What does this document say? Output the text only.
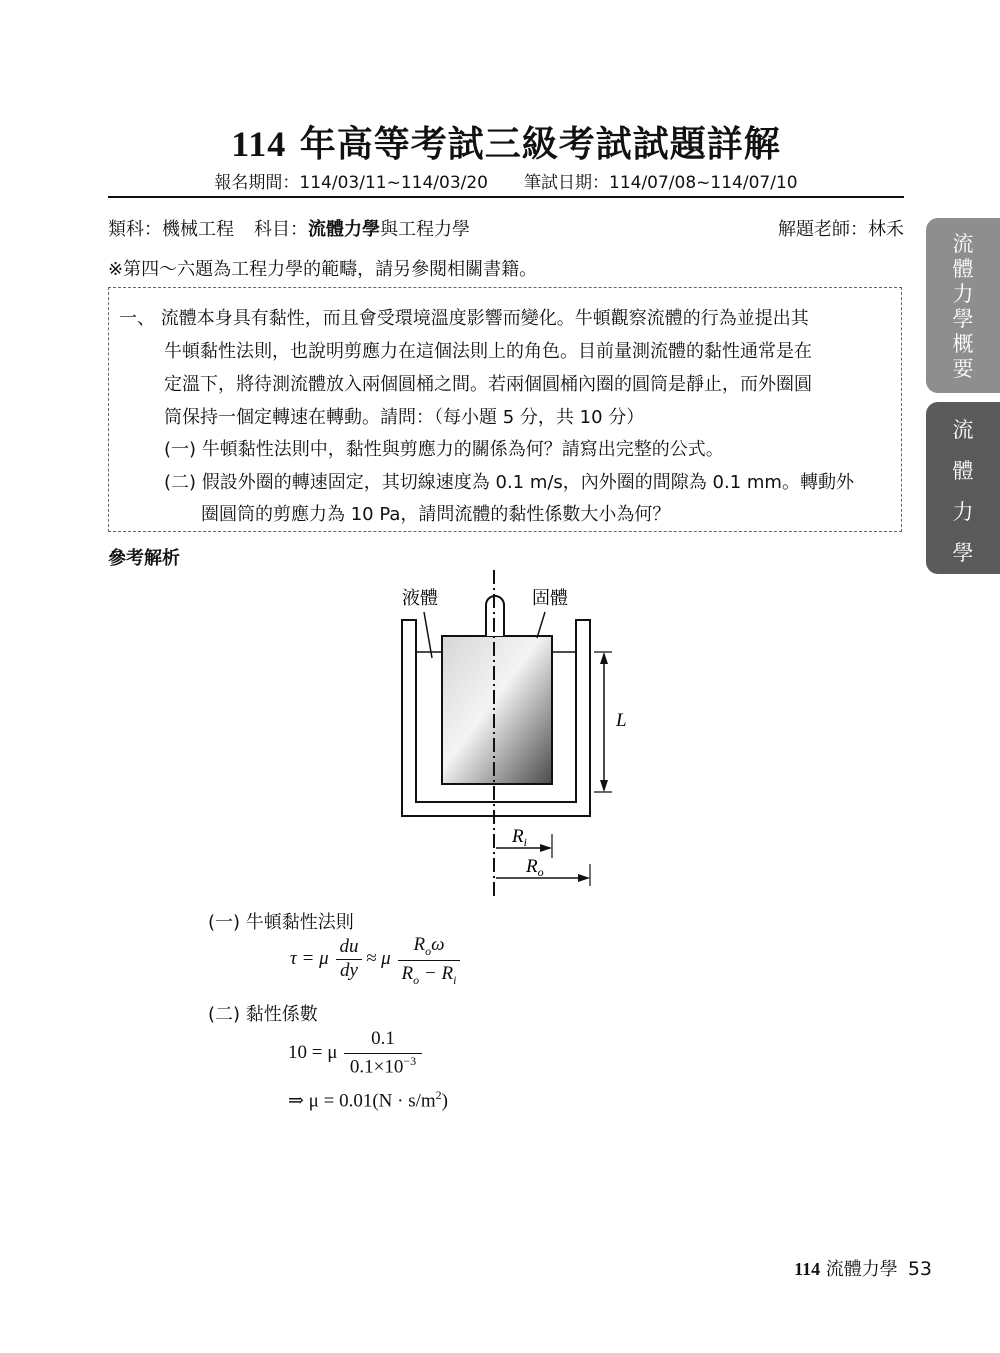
流
體
力
學
概
要
流
體
力
學
114 年高等考試三級考試試題詳解
報名期間：114/03/11~114/03/20 筆試日期：114/07/08~114/07/10
類科：機械工程 科目：流體力學與工程力學	解題老師：林禾
※第四～六題為工程力學的範疇，請另參閱相關書籍。
一、 流體本身具有黏性，而且會受環境溫度影響而變化。牛頓觀察流體的行為並提出其
牛頓黏性法則，也說明剪應力在這個法則上的角色。目前量測流體的黏性通常是在
定溫下，將待測流體放入兩個圓桶之間。若兩個圓桶內圈的圓筒是靜止，而外圈圓
筒保持一個定轉速在轉動。請問：（每小題 5 分，共 10 分）
(一) 牛頓黏性法則中，黏性與剪應力的關係為何？請寫出完整的公式。
(二) 假設外圈的轉速固定，其切線速度為 0.1 m/s，內外圈的間隙為 0.1 mm。轉動外
圈圓筒的剪應力為 10 Pa，請問流體的黏性係數大小為何？
參考解析
液體	固體
L
$R_i$
$R_o$
(一) 牛頓黏性法則
τ = μ
du
dy
≈ μ
$R_o\omega$
$R_o - R_i$
(二) 黏性係數
10 = μ
0.1
$0.1\times 10^{-3}$
⇒ $\mu = 0.01(N \cdot s/m^2)$
114 流體力學 53
